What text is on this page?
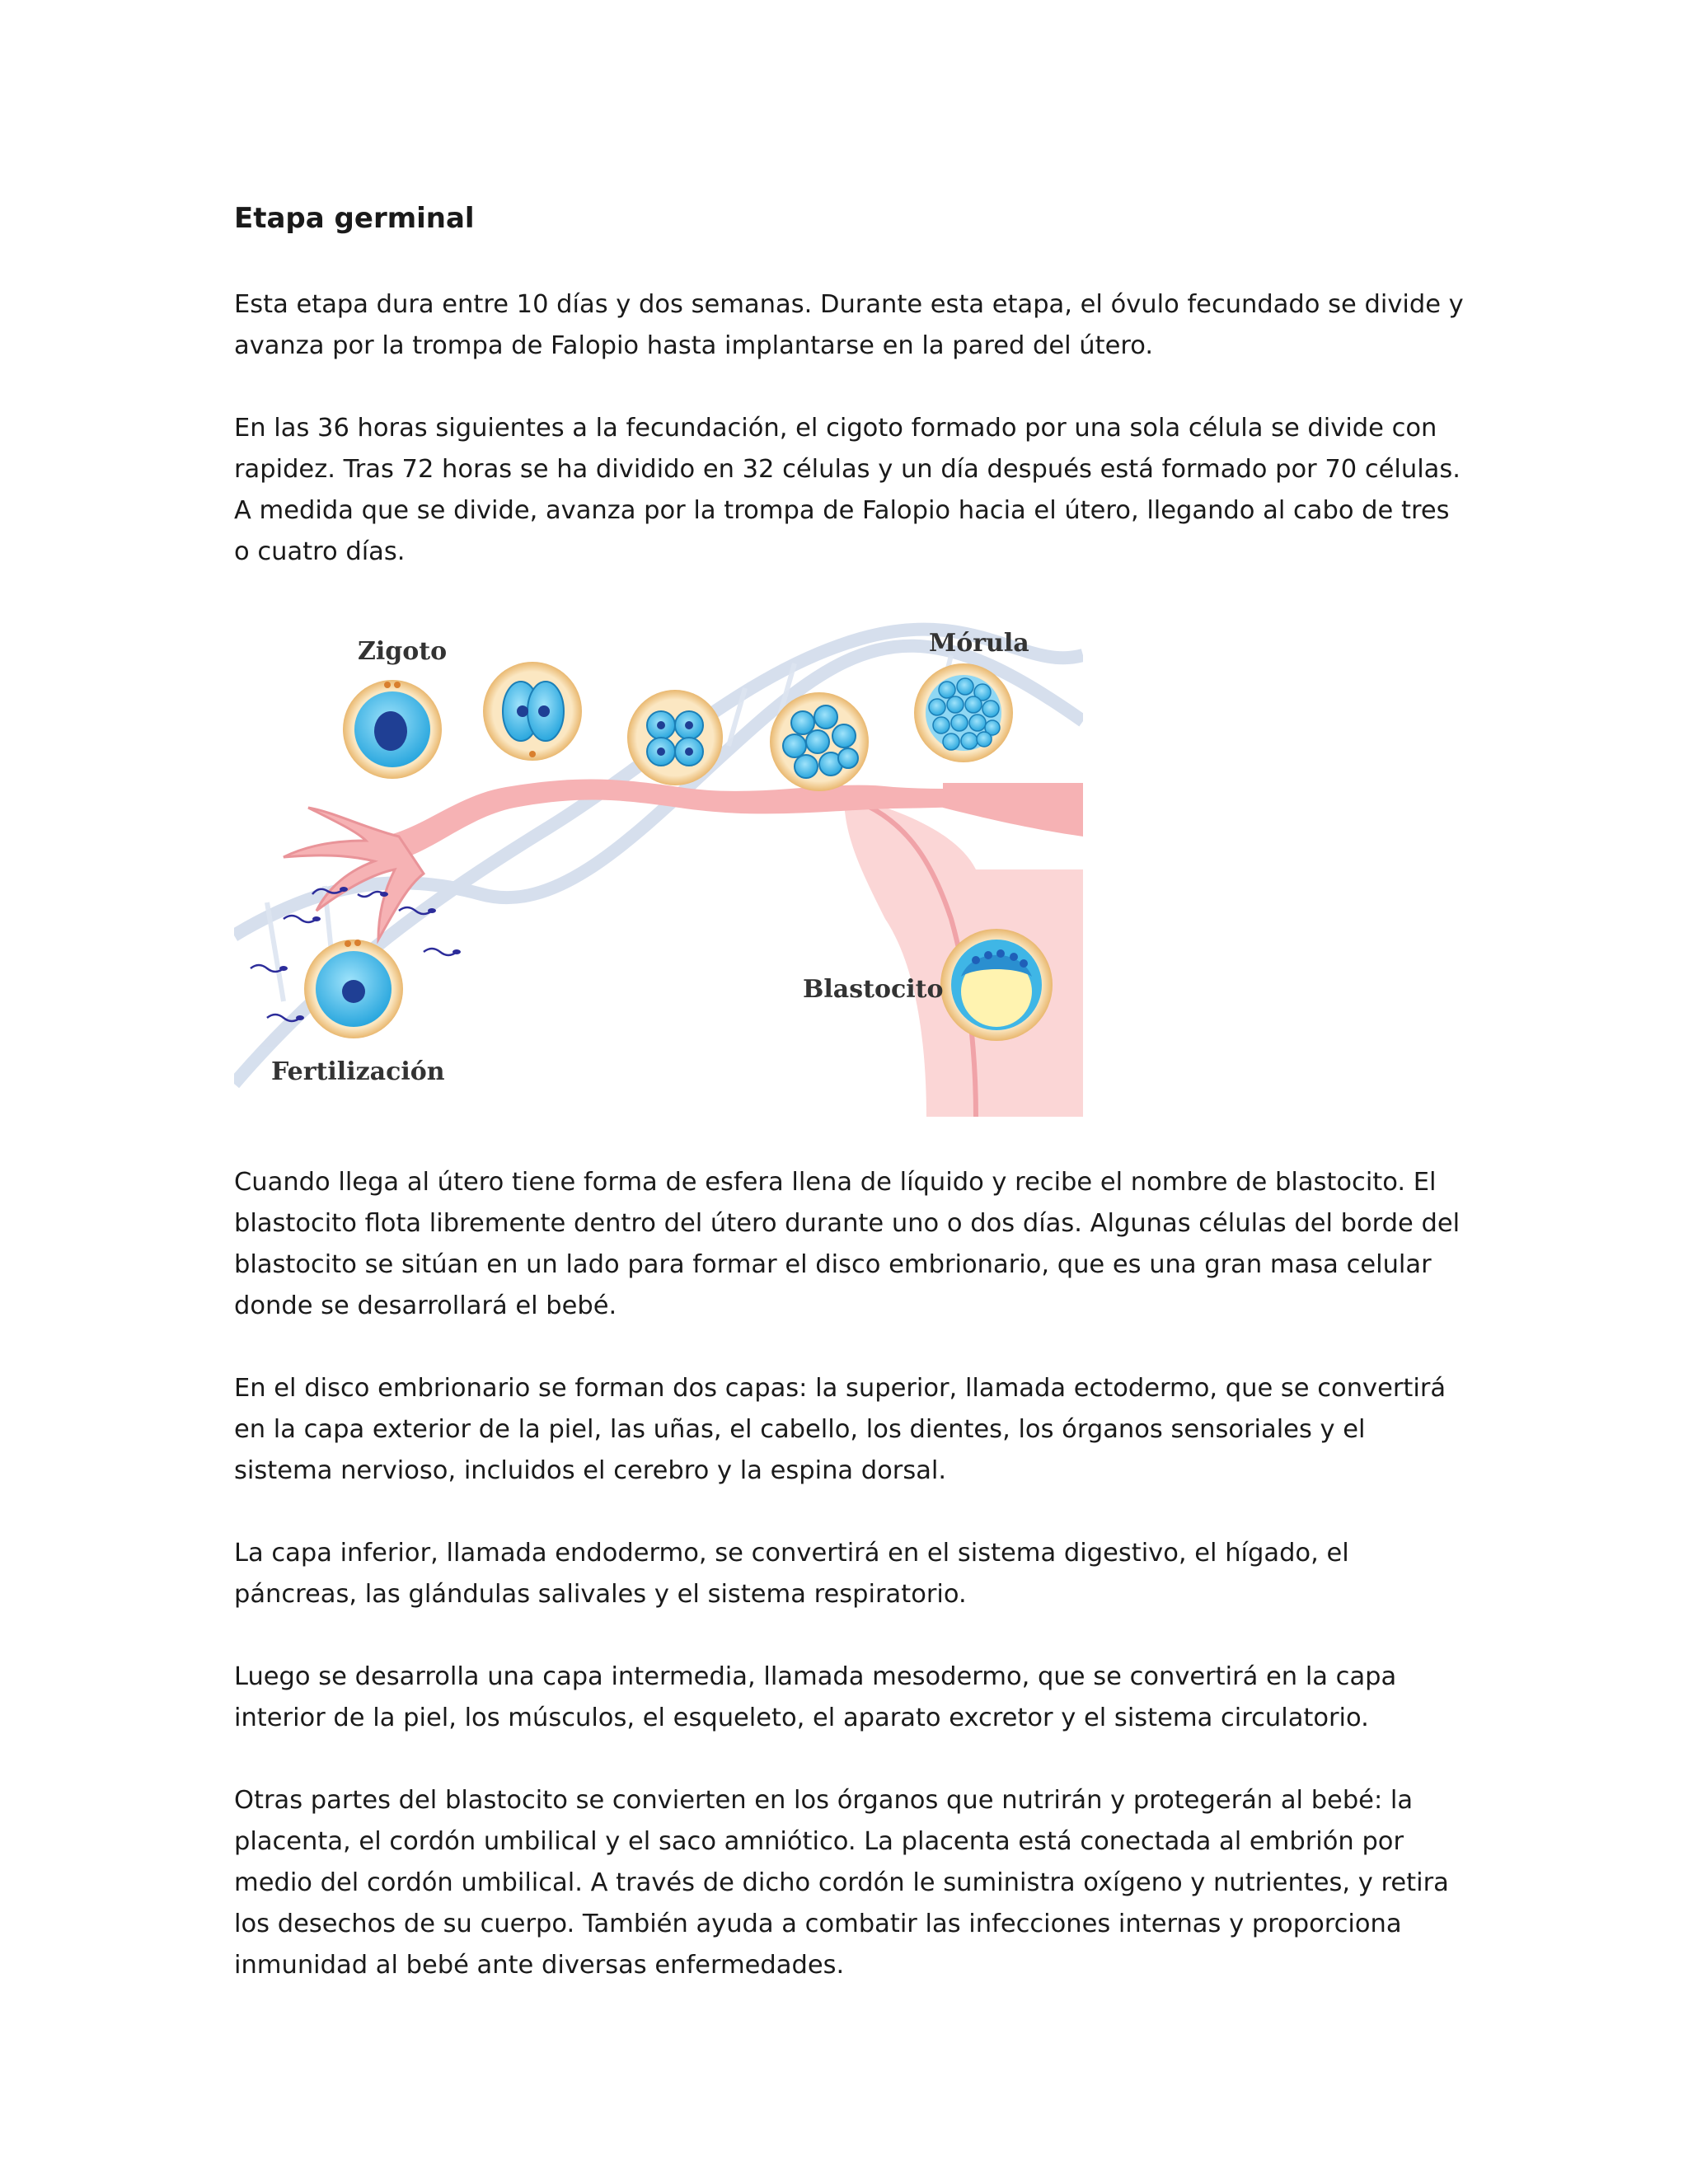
Etapa germinal

Esta etapa dura entre 10 días y dos semanas. Durante esta etapa, el óvulo fecundado se divide y avanza por la trompa de Falopio hasta implantarse en la pared del útero.

En las 36 horas siguientes a la fecundación, el cigoto formado por una sola célula se divide con rapidez. Tras 72 horas se ha dividido en 32 células y un día después está formado por 70 células. A medida que se divide, avanza por la trompa de Falopio hacia el útero, llegando al cabo de tres o cuatro días.

Zigoto	Mórula
Blastocito
Fertilización

Cuando llega al útero tiene forma de esfera llena de líquido y recibe el nombre de blastocito. El blastocito flota libremente dentro del útero durante uno o dos días. Algunas células del borde del blastocito se sitúan en un lado para formar el disco embrionario, que es una gran masa celular donde se desarrollará el bebé.

En el disco embrionario se forman dos capas: la superior, llamada ectodermo, que se convertirá en la capa exterior de la piel, las uñas, el cabello, los dientes, los órganos sensoriales y el sistema nervioso, incluidos el cerebro y la espina dorsal.

La capa inferior, llamada endodermo, se convertirá en el sistema digestivo, el hígado, el páncreas, las glándulas salivales y el sistema respiratorio.

Luego se desarrolla una capa intermedia, llamada mesodermo, que se convertirá en la capa interior de la piel, los músculos, el esqueleto, el aparato excretor y el sistema circulatorio.

Otras partes del blastocito se convierten en los órganos que nutrirán y protegerán al bebé: la placenta, el cordón umbilical y el saco amniótico. La placenta está conectada al embrión por medio del cordón umbilical. A través de dicho cordón le suministra oxígeno y nutrientes, y retira los desechos de su cuerpo. También ayuda a combatir las infecciones internas y proporciona inmunidad al bebé ante diversas enfermedades.
